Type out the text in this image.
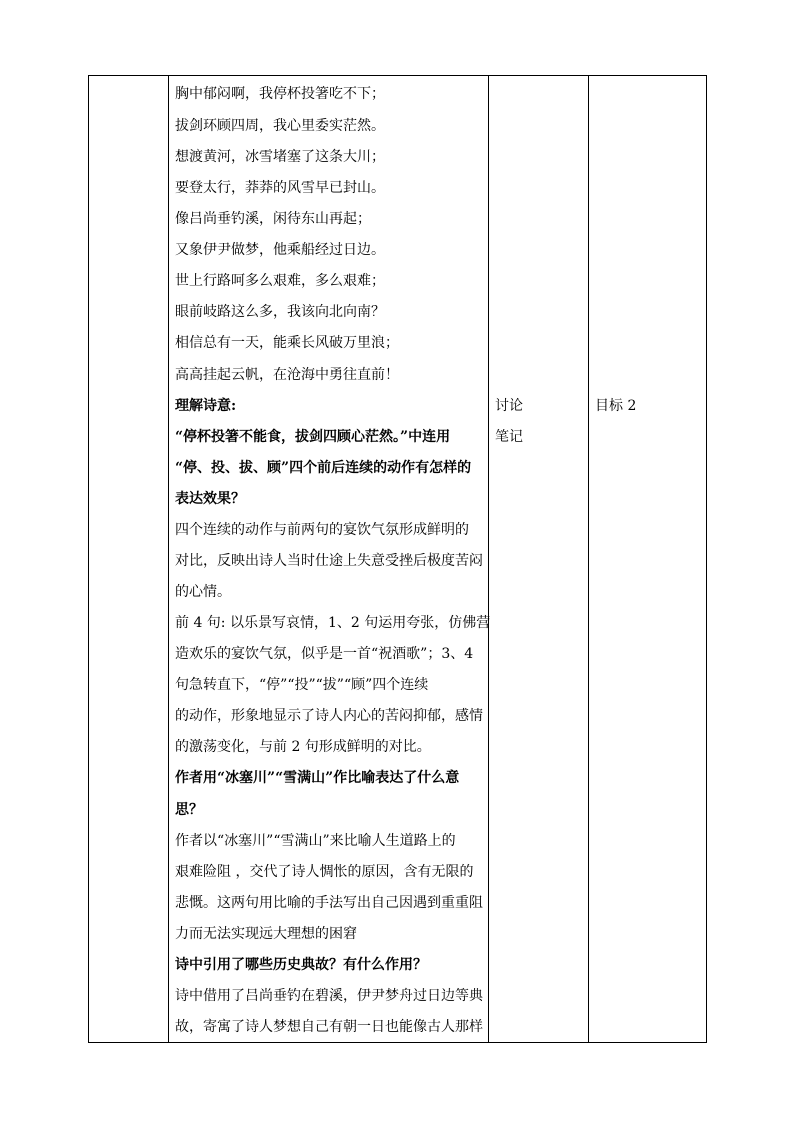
胸中郁闷啊，我停杯投箸吃不下；
拔剑环顾四周，我心里委实茫然。
想渡黄河，冰雪堵塞了这条大川；
要登太行，莽莽的风雪早已封山。
像吕尚垂钓溪，闲待东山再起；
又象伊尹做梦，他乘船经过日边。
世上行路呵多么艰难，多么艰难；
眼前岐路这么多，我该向北向南？
相信总有一天，能乘长风破万里浪；
高高挂起云帆，在沧海中勇往直前！
理解诗意:
“停杯投箸不能食，拔剑四顾心茫然。”中连用
“停、投、拔、顾”四个前后连续的动作有怎样的
表达效果？
四个连续的动作与前两句的宴饮气氛形成鲜明的
对比，反映出诗人当时仕途上失意受挫后极度苦闷
的心情。
前 4 句: 以乐景写哀情，1、2 句运用夸张，仿佛营
造欢乐的宴饮气氛，似乎是一首“祝酒歌”；3、4
句急转直下，“停”“投”“拔”“顾”四个连续
的动作，形象地显示了诗人内心的苦闷抑郁，感情
的激荡变化，与前 2 句形成鲜明的对比。
作者用“冰塞川”“雪满山”作比喻表达了什么意
思？
作者以“冰塞川”“雪满山”来比喻人生道路上的
艰难险阻 ，交代了诗人惆怅的原因，含有无限的
悲慨。这两句用比喻的手法写出自己因遇到重重阻
力而无法实现远大理想的困窘
诗中引用了哪些历史典故？有什么作用？
诗中借用了吕尚垂钓在碧溪，伊尹梦舟过日边等典
故，寄寓了诗人梦想自己有朝一日也能像古人那样
讨论
笔记
目标 2
